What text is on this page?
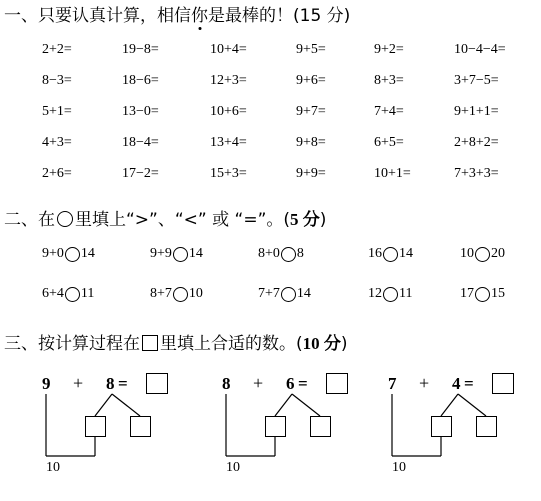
一、只要认真计算，相信你是最棒的！(15 分)
2+2=	19−8=	10+4=	9+5=	9+2=	10−4−4=
8−3=	18−6=	12+3=	9+6=	8+3=	3+7−5=
5+1=	13−0=	10+6=	9+7=	7+4=	9+1+1=
4+3=	18−4=	13+4=	9+8=	6+5=	2+8+2=
2+6=	17−2=	15+3=	9+9=	10+1=	7+3+3=
二、在 里填上“>”、“<” 或 “=”。(5 分)
9+0 14	9+9 14	8+0 8	16 14	10 20
6+4 11	8+7 10	7+7 14	12 11	17 15
三、按计算过程在 里填上合适的数。(10 分)
9 + 8 =
10
8 + 6 =
10
7 + 4 =
10
